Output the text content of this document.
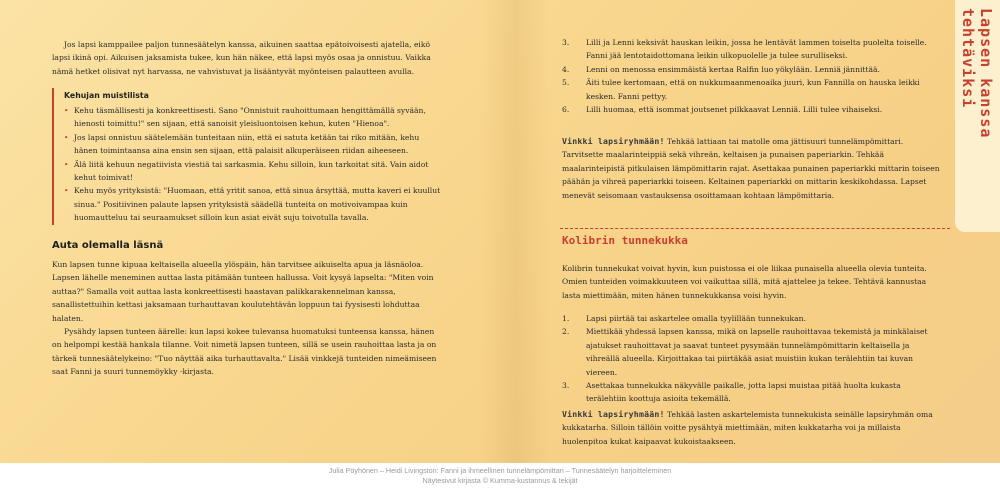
Jos lapsi kamppailee paljon tunnesäätelyn kanssa, aikuinen saattaa epätoivoisesti ajatella, eikö lapsi ikinä opi. Aikuisen jaksamista tukee, kun hän näkee, että lapsi myös osaa ja onnistuu. Vaikka nämä hetket olisivat nyt harvassa, ne vahvistuvat ja lisääntyvät myönteisen palautteen avulla.

Kehujan muistilista
• Kehu täsmällisesti ja konkreettisesti. Sano "Onnistuit rauhoittumaan hengittämällä syvään, hienosti toimittu!" sen sijaan, että sanoisit yleisluontoisen kehun, kuten "Hienoa".
• Jos lapsi onnistuu säätelemään tunteitaan niin, että ei satuta ketään tai riko mitään, kehu hänen toimintaansa aina ensin sen sijaan, että palaisit alkuperäiseen riidan aiheeseen.
• Älä liitä kehuun negatiivista viestiä tai sarkasmia. Kehu silloin, kun tarkoitat sitä. Vain aidot kehut toimivat!
• Kehu myös yrityksistä: "Huomaan, että yritit sanoa, että sinua ärsyttää, mutta kaveri ei kuullut sinua." Positiivinen palaute lapsen yrityksistä säädellä tunteita on motivoivampaa kuin huomautteluu tai seuraamukset silloin kun asiat eivät suju toivotulla tavalla.
Auta olemalla läsnä

Kun lapsen tunne kipuaa keltaisella alueella ylöspäin, hän tarvitsee aikuiselta apua ja läsnäoloa. Lapsen lähelle meneminen auttaa lasta pitämään tunteen hallussa. Voit kysyä lapselta: "Miten voin auttaa?" Samalla voit auttaa lasta konkreettisesti haastavan palikkarakennelman kanssa, sanallistettuihin kettasi jaksamaan turhauttavan koulutehtävän loppuun tai fyysisesti lohduttaa halaten.

Pysähdy lapsen tunteen äärelle: kun lapsi kokee tulevansa huomatuksi tunteensa kanssa, hänen on helpompi kestää hankala tilanne. Voit nimetä lapsen tunteen, sillä se usein rauhoittaa lasta ja on tärkeä tunnesäätelykeino: "Tuo näyttää aika turhauttavalta." Lisää vinkkejä tunteiden nimeämiseen saat Fanni ja suuri tunnemöykky -kirjasta.

3.	Lilli ja Lenni keksivät hauskan leikin, jossa he lentävät lammen toiselta puolelta toiselle. Fanni jää lentotaidottomana leikin ulkopuolelle ja tulee surulliseksi.
4.	Lenni on menossa ensimmäistä kertaa Ralfin luo yökylään. Lenniä jännittää.
5.	Äiti tulee kertomaan, että on nukkumaanmenoaika juuri, kun Fannilla on hauska leikki kesken. Fanni pettyy.
6.	Lilli huomaa, että isommat joutsenet pilkkaavat Lenniä. Lilli tulee vihaiseksi.

Vinkki lapsiryhmään! Tehkää lattiaan tai matolle oma jättisuuri tunnelämpömittari. Tarvitsette maalarinteippiä sekä vihreän, keltaisen ja punaisen paperiarkin. Tehkää maalarinteipistä pitkulaisen lämpömittarin rajat. Asettakaa punainen paperiarkki mittarin toiseen päähän ja vihreä paperiarkki toiseen. Keltainen paperiarkki on mittarin keskikohdassa. Lapset menevät seisomaan vastauksensa osoittamaan kohtaan lämpömittaria.

Kolibrin tunnekukka

Kolibrin tunnekukat voivat hyvin, kun puistossa ei ole liikaa punaisella alueella olevia tunteita. Omien tunteiden voimakkuuteen voi vaikuttaa sillä, mitä ajattelee ja tekee. Tehtävä kannustaa lasta miettimään, miten hänen tunnekukkansa voisi hyvin.

1.	Lapsi piirtää tai askartelee omalla tyylillään tunnekukan.
2.	Miettikää yhdessä lapsen kanssa, mikä on lapselle rauhoittavaa tekemistä ja minkälaiset ajatukset rauhoittavat ja saavat tunteet pysymään tunnelämpömittarin keltaisella ja vihreällä alueella. Kirjoittakaa tai piirtäkää asiat muistiin kukan terälehtiin tai kuvan viereen.
3.	Asettakaa tunnekukka näkyvälle paikalle, jotta lapsi muistaa pitää huolta kukasta terälehtiin koottuja asioita tekemällä.

Vinkki lapsiryhmään! Tehkää lasten askartelemista tunnekukista seinälle lapsiryhmän oma kukkatarha. Silloin tällöin voitte pysähtyä miettimään, miten kukkatarha voi ja millaista huolenpitoa kukat kaipaavat kukoistaakseen.

Lapsen kanssa tehtäviksi
Julia Pöyhönen – Heidi Livingston: Fanni ja ihmeellinen tunnelämpömittari – Tunnesäätelyn harjoitteleminen
Näytesivut kirjasta © Kumma-kustannus & tekijät
